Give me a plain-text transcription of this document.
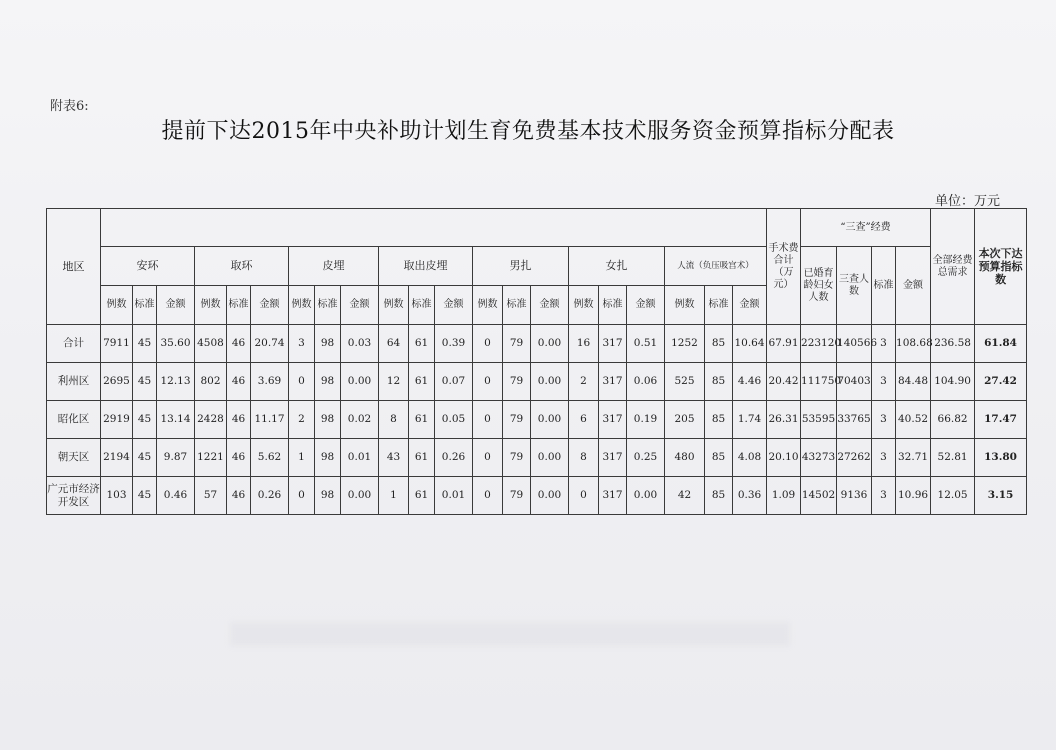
附表6:
提前下达2015年中央补助计划生育免费基本技术服务资金预算指标分配表
单位：万元
地区																						手术费合计（万元）	“三查”经费				全部经费总需求	本次下达预算指标数
	安环			取环			皮埋			取出皮埋			男扎			女扎			人流（负压吸宫术）				已婚育龄妇女人数	三查人数	标准	金额		
	例数	标准	金额	例数	标准	金额	例数	标准	金额	例数	标准	金额	例数	标准	金额	例数	标准	金额	例数	标准	金额							
合计	7911	45	35.60	4508	46	20.74	3	98	0.03	64	61	0.39	0	79	0.00	16	317	0.51	1252	85	10.64	67.91	223120	140566	3	108.68	236.58	61.84
利州区	2695	45	12.13	802	46	3.69	0	98	0.00	12	61	0.07	0	79	0.00	2	317	0.06	525	85	4.46	20.42	111750	70403	3	84.48	104.90	27.42
昭化区	2919	45	13.14	2428	46	11.17	2	98	0.02	8	61	0.05	0	79	0.00	6	317	0.19	205	85	1.74	26.31	53595	33765	3	40.52	66.82	17.47
朝天区	2194	45	9.87	1221	46	5.62	1	98	0.01	43	61	0.26	0	79	0.00	8	317	0.25	480	85	4.08	20.10	43273	27262	3	32.71	52.81	13.80
广元市经济开发区	103	45	0.46	57	46	0.26	0	98	0.00	1	61	0.01	0	79	0.00	0	317	0.00	42	85	0.36	1.09	14502	9136	3	10.96	12.05	3.15
